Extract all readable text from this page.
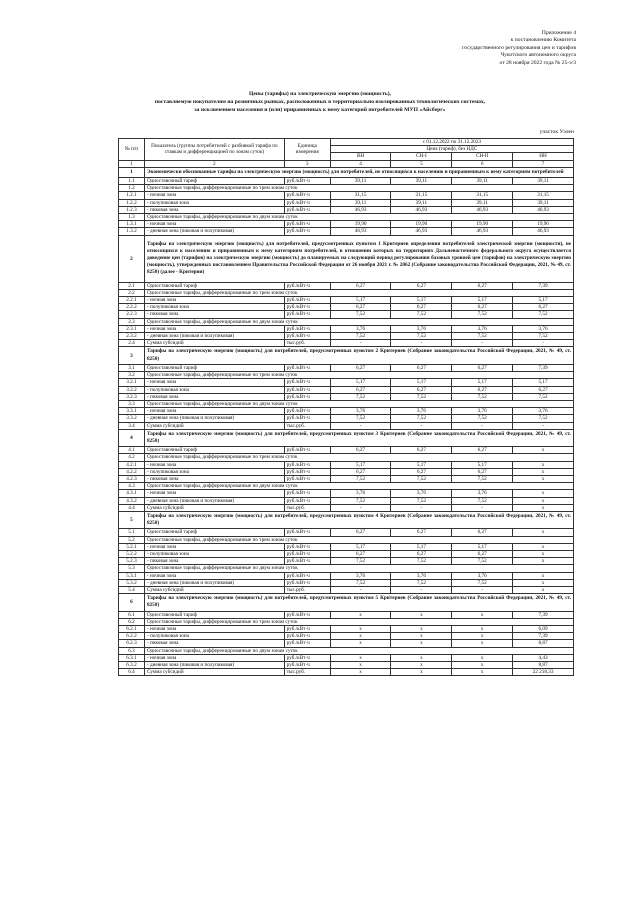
Приложение 4
к постановлению Комитета
государственного регулирования цен и тарифов
Чукотского автономного округа
от 28 ноября 2022 года № 25-э/3
Цены (тарифы) на электрическую энергию (мощность),
поставляемую покупателям на розничных рынках, расположенных в территориально изолированных технологических системах,
за исключением населения и (или) приравненных к нему категорий потребителей МУП «Айсберг»
участок Уэлен
№ п/п	Показатель (группы потребителей с разбивкой тарифа по ставкам и дифференциацией по зонам суток)	Единица измерения	с 01.12.2022 по 31.12.2023			
			Цена (тариф), без НДС			
			ВН	СН-I	СН-II	НН
1	2	3	4	5	6	7
1	Экономически обоснованные тарифы на электрическую энергию (мощность) для потребителей, не относящихся к населению и приравненным к нему категориям потребителей					
1.1	Одноставочный тариф	руб./кВт·ч	39,11	39,11	39,11	39,11
1.2	Одноставочные тарифы, дифференцированные по трем зонам суток					
1.2.1	- ночная зона	руб./кВт·ч	31,15	31,15	31,15	31,15
1.2.2	- полупиковая зона	руб./кВт·ч	39,11	39,11	39,11	39,11
1.2.3	- пиковая зона	руб./кВт·ч	46,93	46,93	46,93	46,93
1.3	Одноставочные тарифы, дифференцированные по двум зонам суток					
1.3.1	- ночная зона	руб./кВт·ч	19,90	19,90	19,90	19,96
1.3.2	- дневная зона (пиковая и полупиковая)	руб./кВт·ч	46,93	46,93	46,93	46,93
2	Тарифы на электрическую энергию (мощность) для потребителей, предусмотренных пунктом 1 Критериев определения потребителей электрической энергии (мощности), не относящихся к населению и приравненным к нему категориям потребителей, в отношении которых на территориях Дальневосточного федерального округа осуществляется доведение цен (тарифов) на электрическую энергию (мощность) до планируемых на следующий период регулирования базовых уровней цен (тарифов) на электрическую энергию (мощность), утвержденных постановлением Правительства Российской Федерации от 26 ноября 2021 г. № 2062 (Собрание законодательства Российской Федерации, 2021, № 49, ст. 8250) (далее - Критерии)					
2.1	Одноставочный тариф	руб./кВт·ч	6,27	6,27	6,27	7,39
2.2	Одноставочные тарифы, дифференцированные по трем зонам суток					
2.2.1	- ночная зона	руб./кВт·ч	5,17	5,17	5,17	5,17
2.2.2	- полупиковая зона	руб./кВт·ч	6,27	6,27	6,27	6,27
2.2.3	- пиковая зона	руб./кВт·ч	7,52	7,52	7,52	7,52
2.3	Одноставочные тарифы, дифференцированные по двум зонам суток					
2.3.1	- ночная зона	руб./кВт·ч	3,76	3,76	3,76	3,76
2.3.2	- дневная зона (пиковая и полупиковая)	руб./кВт·ч	7,52	7,52	7,52	7,52
2.4	Сумма субсидий	тыс.руб.	-	-	-	-
3	Тарифы на электрическую энергию (мощность) для потребителей, предусмотренных пунктом 2 Критериев (Собрание законодательства Российской Федерации, 2021, № 49, ст. 8250)					
3.1	Одноставочный тариф	руб./кВт·ч	6,27	6,27	6,27	7,39
3.2	Одноставочные тарифы, дифференцированные по трем зонам суток					
3.2.1	- ночная зона	руб./кВт·ч	5,17	5,17	5,17	5,17
3.2.2	- полупиковая зона	руб./кВт·ч	6,27	6,27	6,27	6,27
3.2.3	- пиковая зона	руб./кВт·ч	7,52	7,52	7,52	7,52
3.3	Одноставочные тарифы, дифференцированные по двум зонам суток					
3.3.1	- ночная зона	руб./кВт·ч	3,76	3,76	3,76	3,76
3.3.2	- дневная зона (пиковая и полупиковая)	руб./кВт·ч	7,52	7,52	7,52	7,52
3.4	Сумма субсидий	тыс.руб.	-	-	-	-
4	Тарифы на электрическую энергию (мощность) для потребителей, предусмотренных пунктом 3 Критериев (Собрание законодательства Российской Федерации, 2021, № 49, ст. 8250)					
4.1	Одноставочный тариф	руб./кВт·ч	6,27	6,27	6,27	x
4.2	Одноставочные тарифы, дифференцированные по трем зонам суток					
4.2.1	- ночная зона	руб./кВт·ч	5,17	5,17	5,17	x
4.2.2	- полупиковая зона	руб./кВт·ч	6,27	6,27	6,27	x
4.2.3	- пиковая зона	руб./кВт·ч	7,52	7,52	7,52	x
4.3	Одноставочные тарифы, дифференцированные по двум зонам суток					
4.3.1	- ночная зона	руб./кВт·ч	3,76	3,76	3,76	x
4.3.2	- дневная зона (пиковая и полупиковая)	руб./кВт·ч	7,52	7,52	7,52	x
4.4	Сумма субсидий	тыс.руб.	-	-	-	x
5	Тарифы на электрическую энергию (мощность) для потребителей, предусмотренных пунктом 4 Критериев (Собрание законодательства Российской Федерации, 2021, № 49, ст. 8250)					
5.1	Одноставочный тариф	руб./кВт·ч	6,27	6,27	6,27	x
5.2	Одноставочные тарифы, дифференцированные по трем зонам суток					
5.2.1	- ночная зона	руб./кВт·ч	5,17	5,17	5,17	x
5.2.2	- полупиковая зона	руб./кВт·ч	6,27	6,27	6,27	x
5.2.3	- пиковая зона	руб./кВт·ч	7,52	7,52	7,52	x
5.3	Одноставочные тарифы, дифференцированные по двум зонам суток					
5.3.1	- ночная зона	руб./кВт·ч	3,76	3,76	3,76	x
5.3.2	- дневная зона (пиковая и полупиковая)	руб./кВт·ч	7,52	7,52	7,52	x
5.4	Сумма субсидий	тыс.руб.	-	-	-	x
6	Тарифы на электрическую энергию (мощность) для потребителей, предусмотренных пунктом 5 Критериев (Собрание законодательства Российской Федерации, 2021, № 49, ст. 8250)					
6.1	Одноставочный тариф	руб./кВт·ч	x	x	x	7,39
6.2	Одноставочные тарифы, дифференцированные по трем зонам суток					
6.2.1	- ночная зона	руб./кВт·ч	x	x	x	6,09
6.2.2	- полупиковая зона	руб./кВт·ч	x	x	x	7,39
6.2.3	- пиковая зона	руб./кВт·ч	x	x	x	8,87
6.3	Одноставочные тарифы, дифференцированные по двум зонам суток					
6.3.1	- ночная зона	руб./кВт·ч	x	x	x	4,43
6.3.2	- дневная зона (пиковая и полупиковая)	руб./кВт·ч	x	x	x	8,87
6.4	Сумма субсидий	тыс.руб.	x	x	x	22 218,33
